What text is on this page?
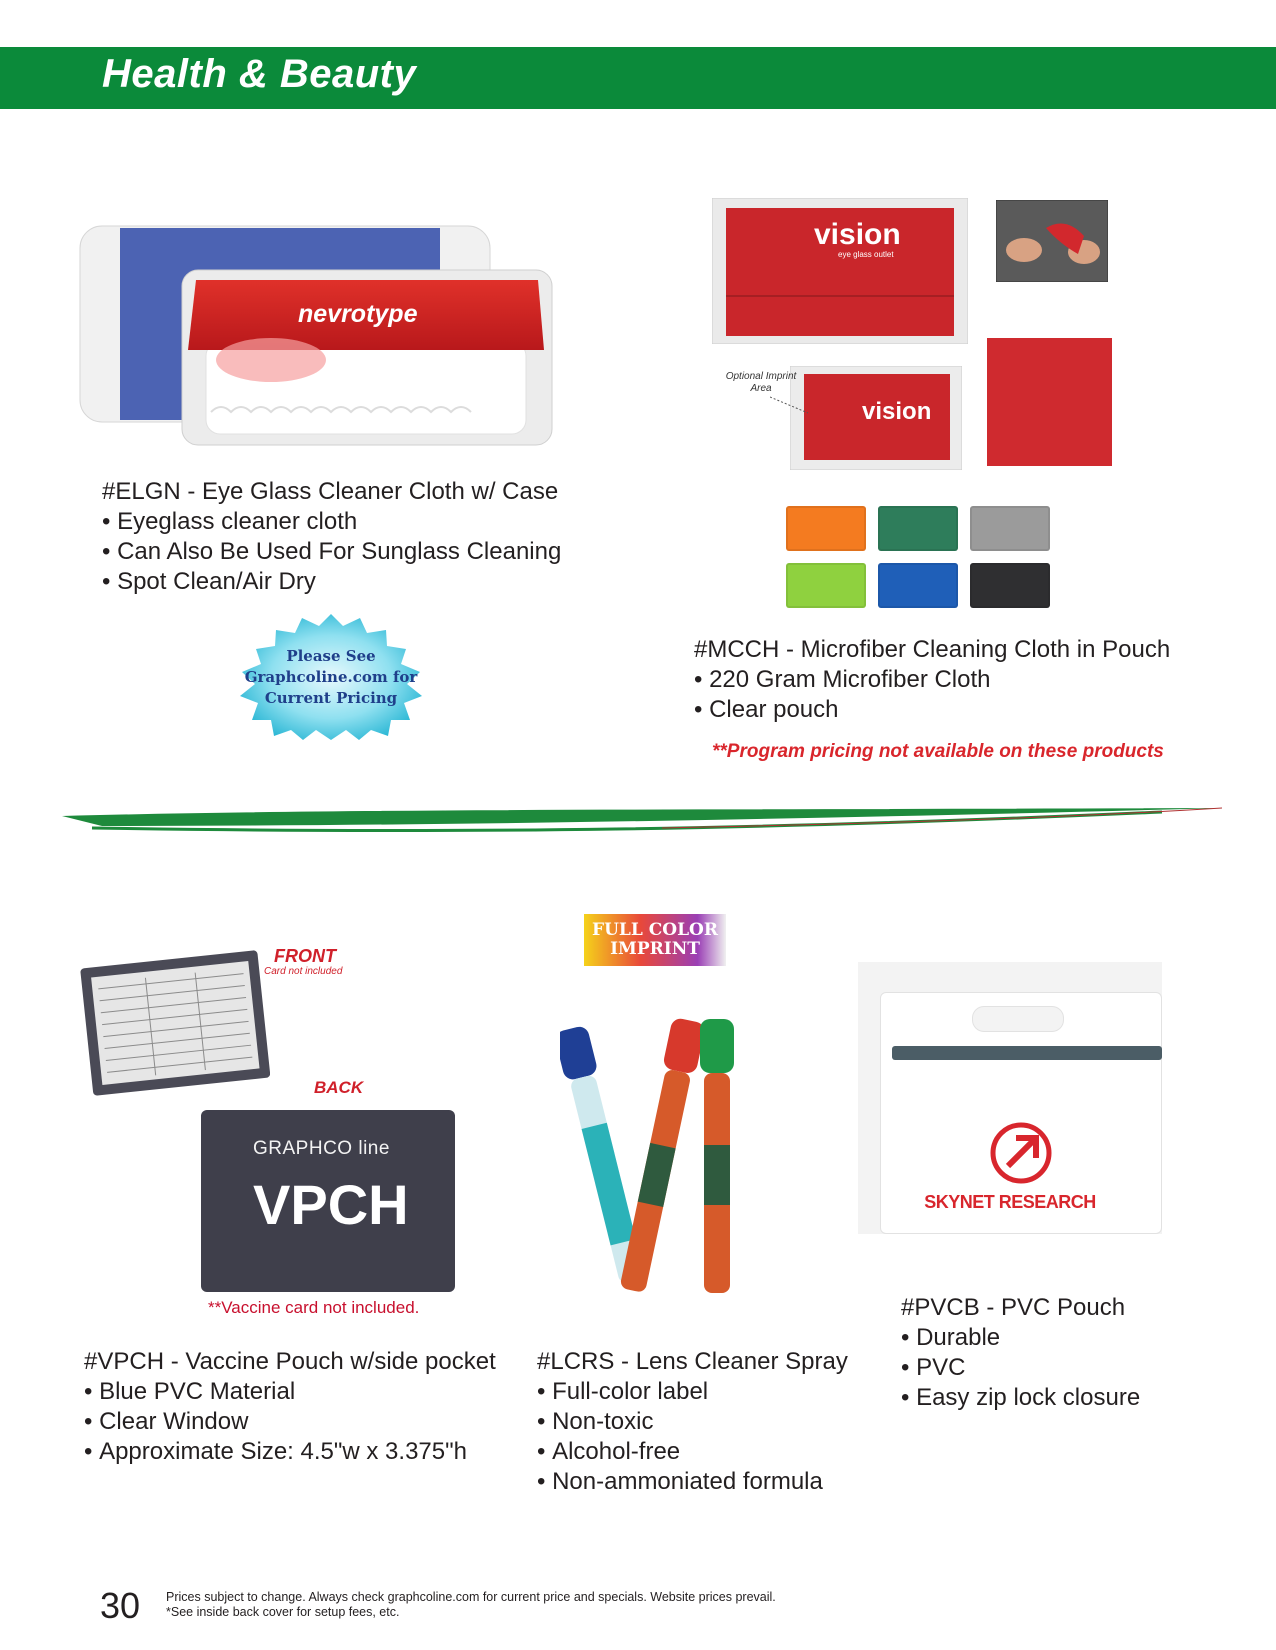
Health & Beauty
nevrotype

#ELGN - Eye Glass Cleaner Cloth w/ Case

• Eyeglass cleaner cloth
• Can Also Be Used For Sunglass Cleaning
• Spot Clean/Air Dry
Please See
Graphcoline.com for
Current Pricing
vision
eye glass outlet
vision
Optional Imprint Area

#MCCH - Microfiber Cleaning Cloth in Pouch

• 220 Gram Microfiber Cloth
• Clear pouch
**Program pricing not available on these products
FRONT
Card not included
BACK
GRAPHCO line
VPCH
**Vaccine card not included.

#VPCH - Vaccine Pouch w/side pocket

• Blue PVC Material
• Clear Window
• Approximate Size: 4.5"w x 3.375"h
FULL COLOR
IMPRINT

#LCRS - Lens Cleaner Spray

• Full-color label
• Non-toxic
• Alcohol-free
• Non-ammoniated formula
SKYNET RESEARCH

#PVCB - PVC Pouch

• Durable
• PVC
• Easy zip lock closure
30 Prices subject to change. Always check graphcoline.com for current price and specials. Website prices prevail.
*See inside back cover for setup fees, etc.
